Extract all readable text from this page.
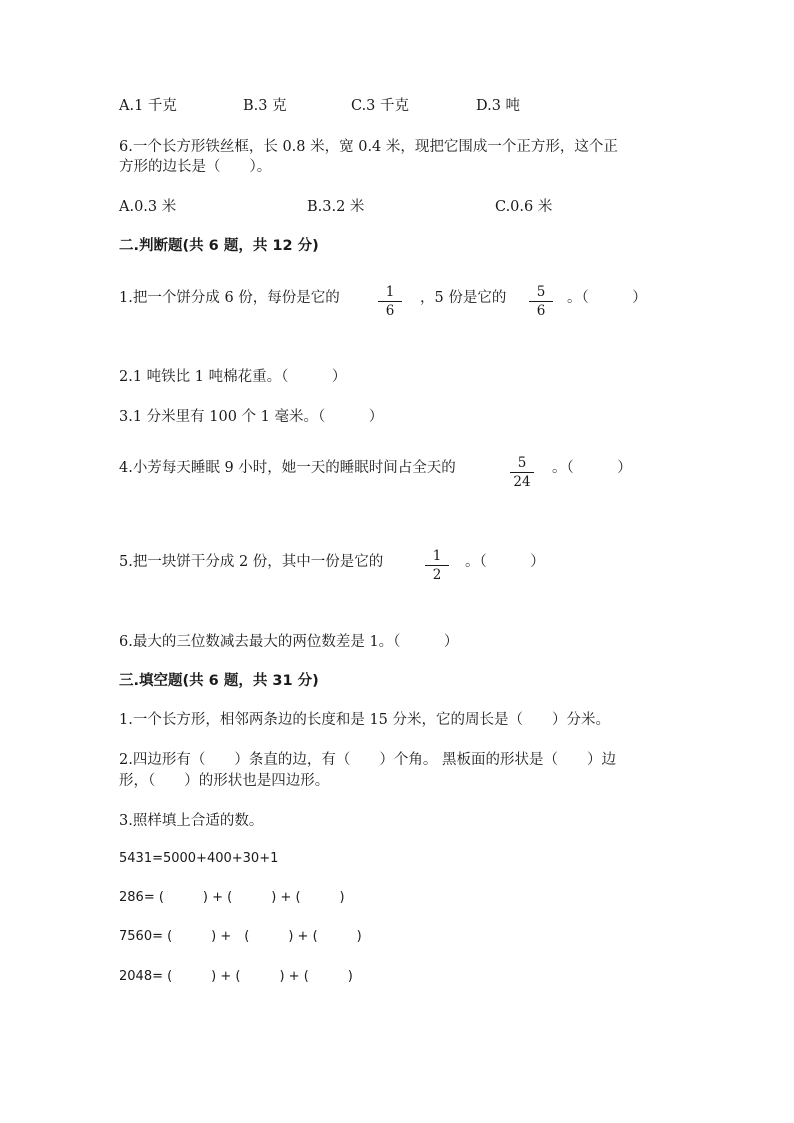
A.1 千克	B.3 克	C.3 千克	D.3 吨
6.一个长方形铁丝框，长 0.8 米，宽 0.4 米，现把它围成一个正方形，这个正
方形的边长是（　　）。
A.0.3 米	B.3.2 米	C.0.6 米
二.判断题(共 6 题，共 12 分)
1.把一个饼分成 6 份，每份是它的	$\frac{1}{6}$ ，5 份是它的 $\frac{5}{6}$ 。（　　　）
2.1 吨铁比 1 吨棉花重。（　　　）
3.1 分米里有 100 个 1 毫米。（　　　）
4.小芳每天睡眠 9 小时，她一天的睡眠时间占全天的	$\frac{5}{24}$ 。（　　　）
5.把一块饼干分成 2 份，其中一份是它的	$\frac{1}{2}$ 。（　　　）
6.最大的三位数减去最大的两位数差是 1。（　　　）
三.填空题(共 6 题，共 31 分)
1.一个长方形，相邻两条边的长度和是 15 分米，它的周长是（　　）分米。
2.四边形有（　　）条直的边，有（　　）个角。 黑板面的形状是（　　）边
形，（　　）的形状也是四边形。
3.照样填上合适的数。
5431=5000+400+30+1
286= (　　　) + (　　　) + (　　　)
7560= (　　　) +　(　　　) + (　　　)
2048= (　　　) + (　　　) + (　　　)
